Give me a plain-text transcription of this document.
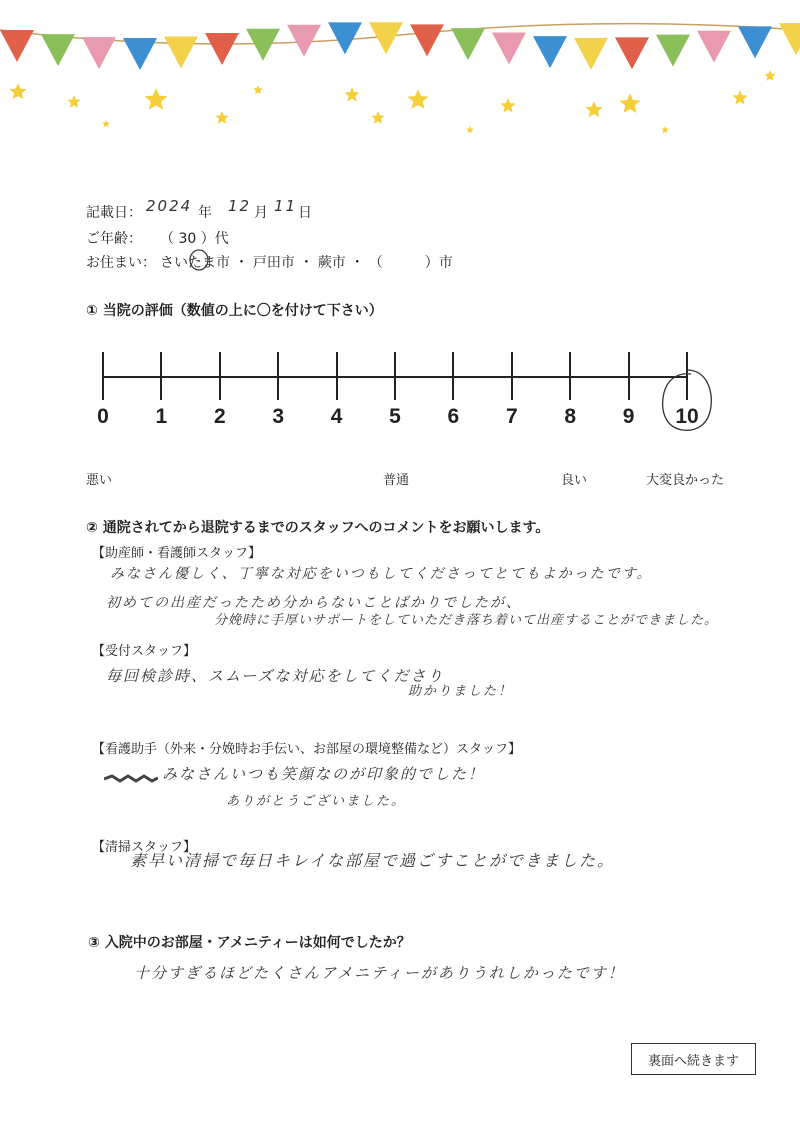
記載日： 2024 年 12 月 11 日
ご年齢： （ 30 ）代
お住まい： さいたま市 ・ 戸田市 ・ 蕨市 ・ （　　　）市
① 当院の評価（数値の上に〇を付けて下さい）
0	1	2	3	4	5	6	7	8	9	10
悪い	普通	良い	大変良かった
② 通院されてから退院するまでのスタッフへのコメントをお願いします。
【助産師・看護師スタッフ】
みなさん優しく、丁寧な対応をいつもしてくださってとてもよかったです。
初めての出産だったため分からないことばかりでしたが、
分娩時に手厚いサポートをしていただき落ち着いて出産することができました。
【受付スタッフ】
毎回検診時、スムーズな対応をしてくださり
助かりました！
【看護助手（外来・分娩時お手伝い、お部屋の環境整備など）スタッフ】
みなさんいつも笑顔なのが印象的でした！
ありがとうございました。
【清掃スタッフ】
素早い清掃で毎日キレイな部屋で過ごすことができました。
③ 入院中のお部屋・アメニティーは如何でしたか？
十分すぎるほどたくさんアメニティーがありうれしかったです！
裏面へ続きます
